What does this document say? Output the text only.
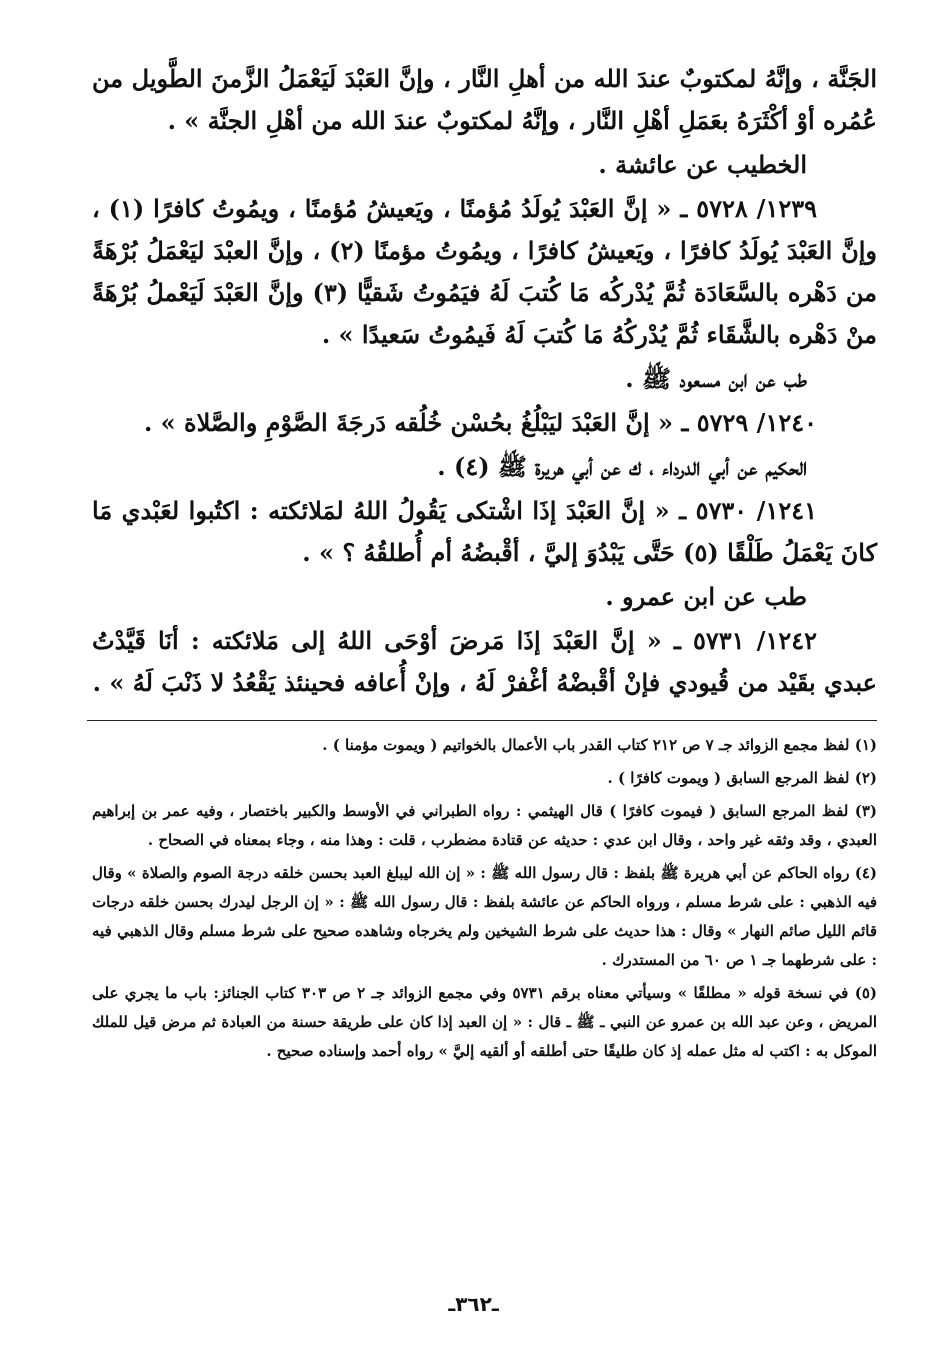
الجَنَّة ، وإنَّهُ لمكتوبٌ عندَ الله من أهلِ النَّار ، وإنَّ العَبْدَ لَيَعْمَلُ الزَّمنَ الطَّويل من عُمُره أوْ أكْثَرَهُ بعَمَلِ أهْلِ النَّار ، وإنَّهُ لمكتوبٌ عندَ الله من أهْلِ الجنَّة » .

الخطيب عن عائشة .

١٢٣٩/ ٥٧٢٨ ـ « إنَّ العَبْدَ يُولَدُ مُؤمنًا ، ويَعيشُ مُؤمنًا ، ويمُوتُ كافرًا (١) ، وإنَّ العَبْدَ يُولَدُ كافرًا ، ويَعيشُ كافرًا ، ويمُوتُ مؤمنًا (٢) ، وإنَّ العبْدَ ليَعْمَلُ بُرْهَةً من دَهْره بالسَّعَادَة ثُمَّ يُدْركُه مَا كُتبَ لَهُ فيَمُوتُ شَقيًّا (٣) وإنَّ العَبْدَ لَيَعْملُ بُرْهَةً منْ دَهْره بالشَّقَاء ثُمَّ يُدْركُهُ مَا كُتبَ لَهُ فَيمُوتُ سَعيدًا » .

طب عن ابن مسعود ﷺ .

١٢٤٠/ ٥٧٢٩ ـ « إنَّ العَبْدَ ليَبْلُغُ بحُسْن خُلُقه دَرجَةَ الصَّوْمِ والصَّلاة » .

الحكيم عن أبي الدرداء ، ك عن أبي هريرة ﷺ (٤) .

١٢٤١/ ٥٧٣٠ ـ « إنَّ العَبْدَ إذَا اشْتكى يَقُولُ اللهُ لمَلائكته : اكتُبوا لعَبْدي مَا كانَ يَعْمَلُ طَلْقًا (٥) حَتَّى يَبْدُوَ إليَّ ، أقْبضُهُ أم أُطلقُهُ ؟ » .

طب عن ابن عمرو .

١٢٤٢/ ٥٧٣١ ـ « إنَّ العَبْدَ إذَا مَرضَ أوْحَى اللهُ إلى مَلائكته : أنَا قَيَّدْتُ عبدي بقَيْد من قُيودي فإنْ أقْبضْهُ أغْفرْ لَهُ ، وإنْ أُعافه فحينئذ يَقْعُدُ لا ذَنْبَ لَهُ » .

(١) لفظ مجمع الزوائد جـ ٧ ص ٢١٢ كتاب القدر باب الأعمال بالخواتيم ( ويموت مؤمنا ) .

(٢) لفظ المرجع السابق ( ويموت كافرًا ) .

(٣) لفظ المرجع السابق ( فيموت كافرًا ) قال الهيثمي : رواه الطبراني في الأوسط والكبير باختصار ، وفيه عمر بن إبراهيم العبدي ، وقد وثقه غير واحد ، وقال ابن عدي : حديثه عن قتادة مضطرب ، قلت : وهذا منه ، وجاء بمعناه في الصحاح .

(٤) رواه الحاكم عن أبي هريرة ﷺ بلفظ : قال رسول الله ﷺ : « إن الله ليبلغ العبد بحسن خلقه درجة الصوم والصلاة » وقال فيه الذهبي : على شرط مسلم ، ورواه الحاكم عن عائشة بلفظ : قال رسول الله ﷺ : « إن الرجل ليدرك بحسن خلقه درجات قائم الليل صائم النهار » وقال : هذا حديث على شرط الشيخين ولم يخرجاه وشاهده صحيح على شرط مسلم وقال الذهبي فيه : على شرطهما جـ ١ ص ٦٠ من المستدرك .

(٥) في نسخة قوله « مطلقًا » وسيأتي معناه برقم ٥٧٣١ وفي مجمع الزوائد جـ ٢ ص ٣٠٣ كتاب الجنائز: باب ما يجري على المريض ، وعن عبد الله بن عمرو عن النبي ـ ﷺ ـ قال : « إن العبد إذا كان على طريقة حسنة من العبادة ثم مرض قيل للملك الموكل به : اكتب له مثل عمله إذ كان طليقًا حتى أطلقه أو ألقيه إليَّ » رواه أحمد وإسناده صحيح .

ـ٣٦٢ـ
